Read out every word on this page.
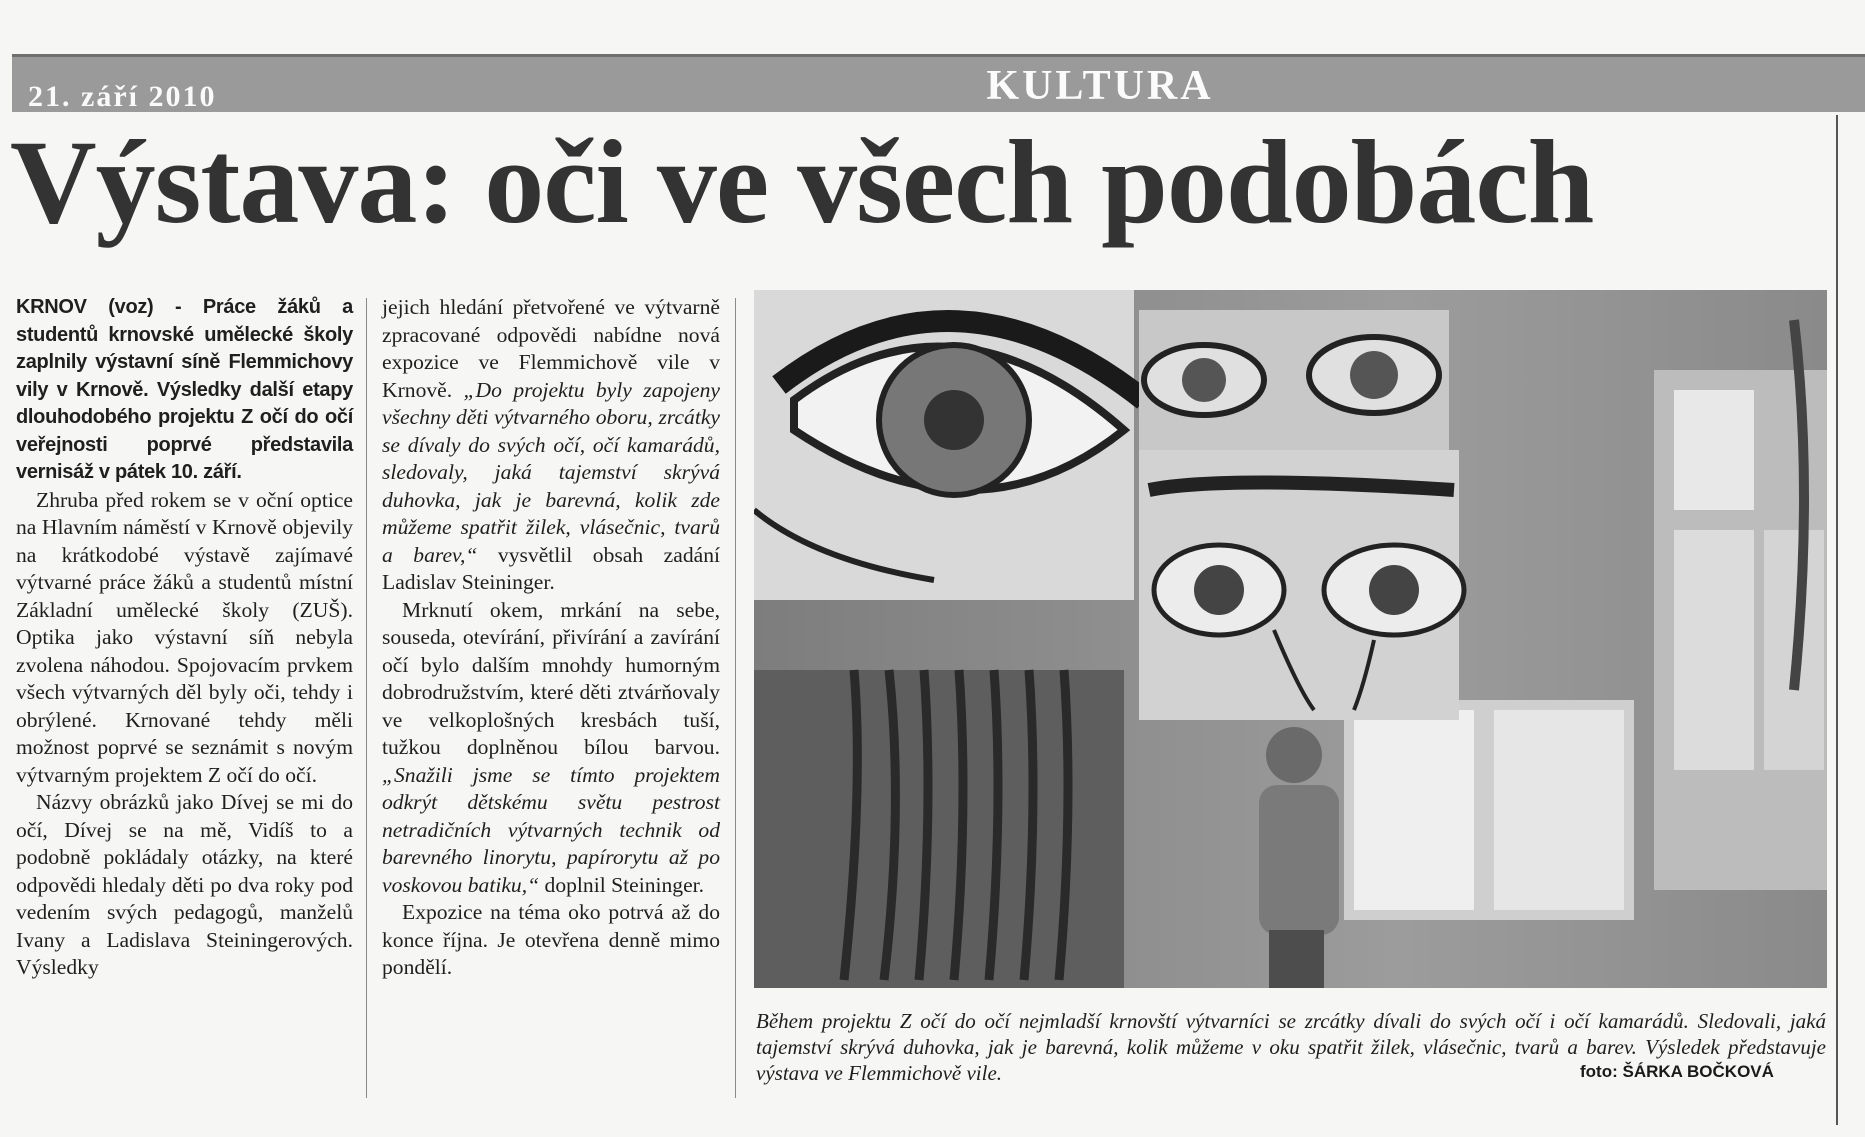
21. září 2010	KULTURA
Výstava: oči ve všech podobách

KRNOV (voz) - Práce žáků a studentů krnovské umělecké školy zaplnily výstavní síně Flemmichovy vily v Krnově. Výsledky další etapy dlouhodobého projektu Z očí do očí veřejnosti poprvé představila vernisáž v pátek 10. září.

Zhruba před rokem se v oční optice na Hlavním náměstí v Krnově objevily na krátkodobé výstavě zajímavé výtvarné práce žáků a studentů místní Základní umělecké školy (ZUŠ). Optika jako výstavní síň nebyla zvolena náhodou. Spojovacím prvkem všech výtvarných děl byly oči, tehdy i obrýlené. Krnované tehdy měli možnost poprvé se seznámit s novým výtvarným projektem Z očí do očí.

Názvy obrázků jako Dívej se mi do očí, Dívej se na mě, Vidíš to a podobně pokládaly otázky, na které odpovědi hledaly děti po dva roky pod vedením svých pedagogů, manželů Ivany a Ladislava Steiningerových. Výsledky

jejich hledání přetvořené ve výtvarně zpracované odpovědi nabídne nová expozice ve Flemmichově vile v Krnově. „Do projektu byly zapojeny všechny děti výtvarného oboru, zrcátky se dívaly do svých očí, očí kamarádů, sledovaly, jaká tajemství skrývá duhovka, jak je barevná, kolik zde můžeme spatřit žilek, vlásečnic, tvarů a barev,“ vysvětlil obsah zadání Ladislav Steininger.

Mrknutí okem, mrkání na sebe, souseda, otevírání, přivírání a zavírání očí bylo dalším mnohdy humorným dobrodružstvím, které děti ztvárňovaly ve velkoplošných kresbách tuší, tužkou doplněnou bílou barvou. „Snažili jsme se tímto projektem odkrýt dětskému světu pestrost netradičních výtvarných technik od barevného linorytu, papírorytu až po voskovou batiku,“ doplnil Steininger.

Expozice na téma oko potrvá až do konce října. Je otevřena denně mimo pondělí.

Během projektu Z očí do očí nejmladší krnovští výtvarníci se zrcátky dívali do svých očí i očí kamarádů. Sledovali, jaká tajemství skrývá duhovka, jak je barevná, kolik můžeme v oku spatřit žilek, vlásečnic, tvarů a barev. Výsledek představuje výstava ve Flemmichově vile.	foto: ŠÁRKA BOČKOVÁ
